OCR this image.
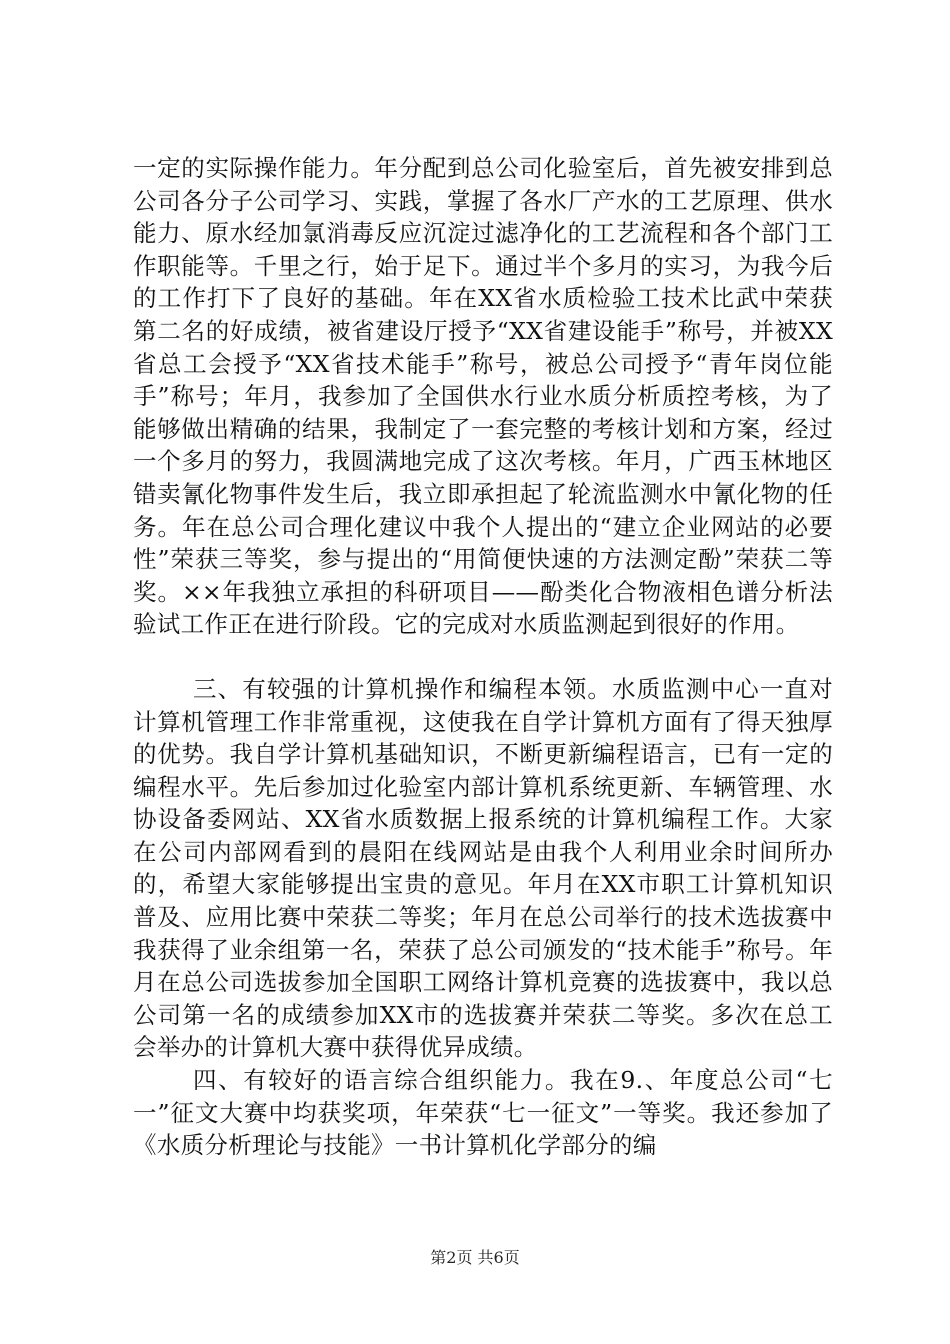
一定的实际操作能力。年分配到总公司化验室后，首先被安排到总公司各分子公司学习、实践，掌握了各水厂产水的工艺原理、供水能力、原水经加氯消毒反应沉淀过滤净化的工艺流程和各个部门工作职能等。千里之行，始于足下。通过半个多月的实习，为我今后的工作打下了良好的基础。年在XX省水质检验工技术比武中荣获第二名的好成绩，被省建设厅授予“XX省建设能手”称号，并被XX省总工会授予“XX省技术能手”称号，被总公司授予“青年岗位能手”称号；年月，我参加了全国供水行业水质分析质控考核，为了能够做出精确的结果，我制定了一套完整的考核计划和方案，经过一个多月的努力，我圆满地完成了这次考核。年月，广西玉林地区错卖氰化物事件发生后，我立即承担起了轮流监测水中氰化物的任务。年在总公司合理化建议中我个人提出的“建立企业网站的必要性”荣获三等奖，参与提出的“用简便快速的方法测定酚”荣获二等奖。××年我独立承担的科研项目——酚类化合物液相色谱分析法验试工作正在进行阶段。它的完成对水质监测起到很好的作用。

三、有较强的计算机操作和编程本领。水质监测中心一直对计算机管理工作非常重视，这使我在自学计算机方面有了得天独厚的优势。我自学计算机基础知识，不断更新编程语言，已有一定的编程水平。先后参加过化验室内部计算机系统更新、车辆管理、水协设备委网站、XX省水质数据上报系统的计算机编程工作。大家在公司内部网看到的晨阳在线网站是由我个人利用业余时间所办的，希望大家能够提出宝贵的意见。年月在XX市职工计算机知识普及、应用比赛中荣获二等奖；年月在总公司举行的技术选拔赛中我获得了业余组第一名，荣获了总公司颁发的“技术能手”称号。年月在总公司选拔参加全国职工网络计算机竞赛的选拔赛中，我以总公司第一名的成绩参加XX市的选拔赛并荣获二等奖。多次在总工会举办的计算机大赛中获得优异成绩。

四、有较好的语言综合组织能力。我在9.、年度总公司“七一”征文大赛中均获奖项，年荣获“七一征文”一等奖。我还参加了《水质分析理论与技能》一书计算机化学部分的编

第2页 共6页
